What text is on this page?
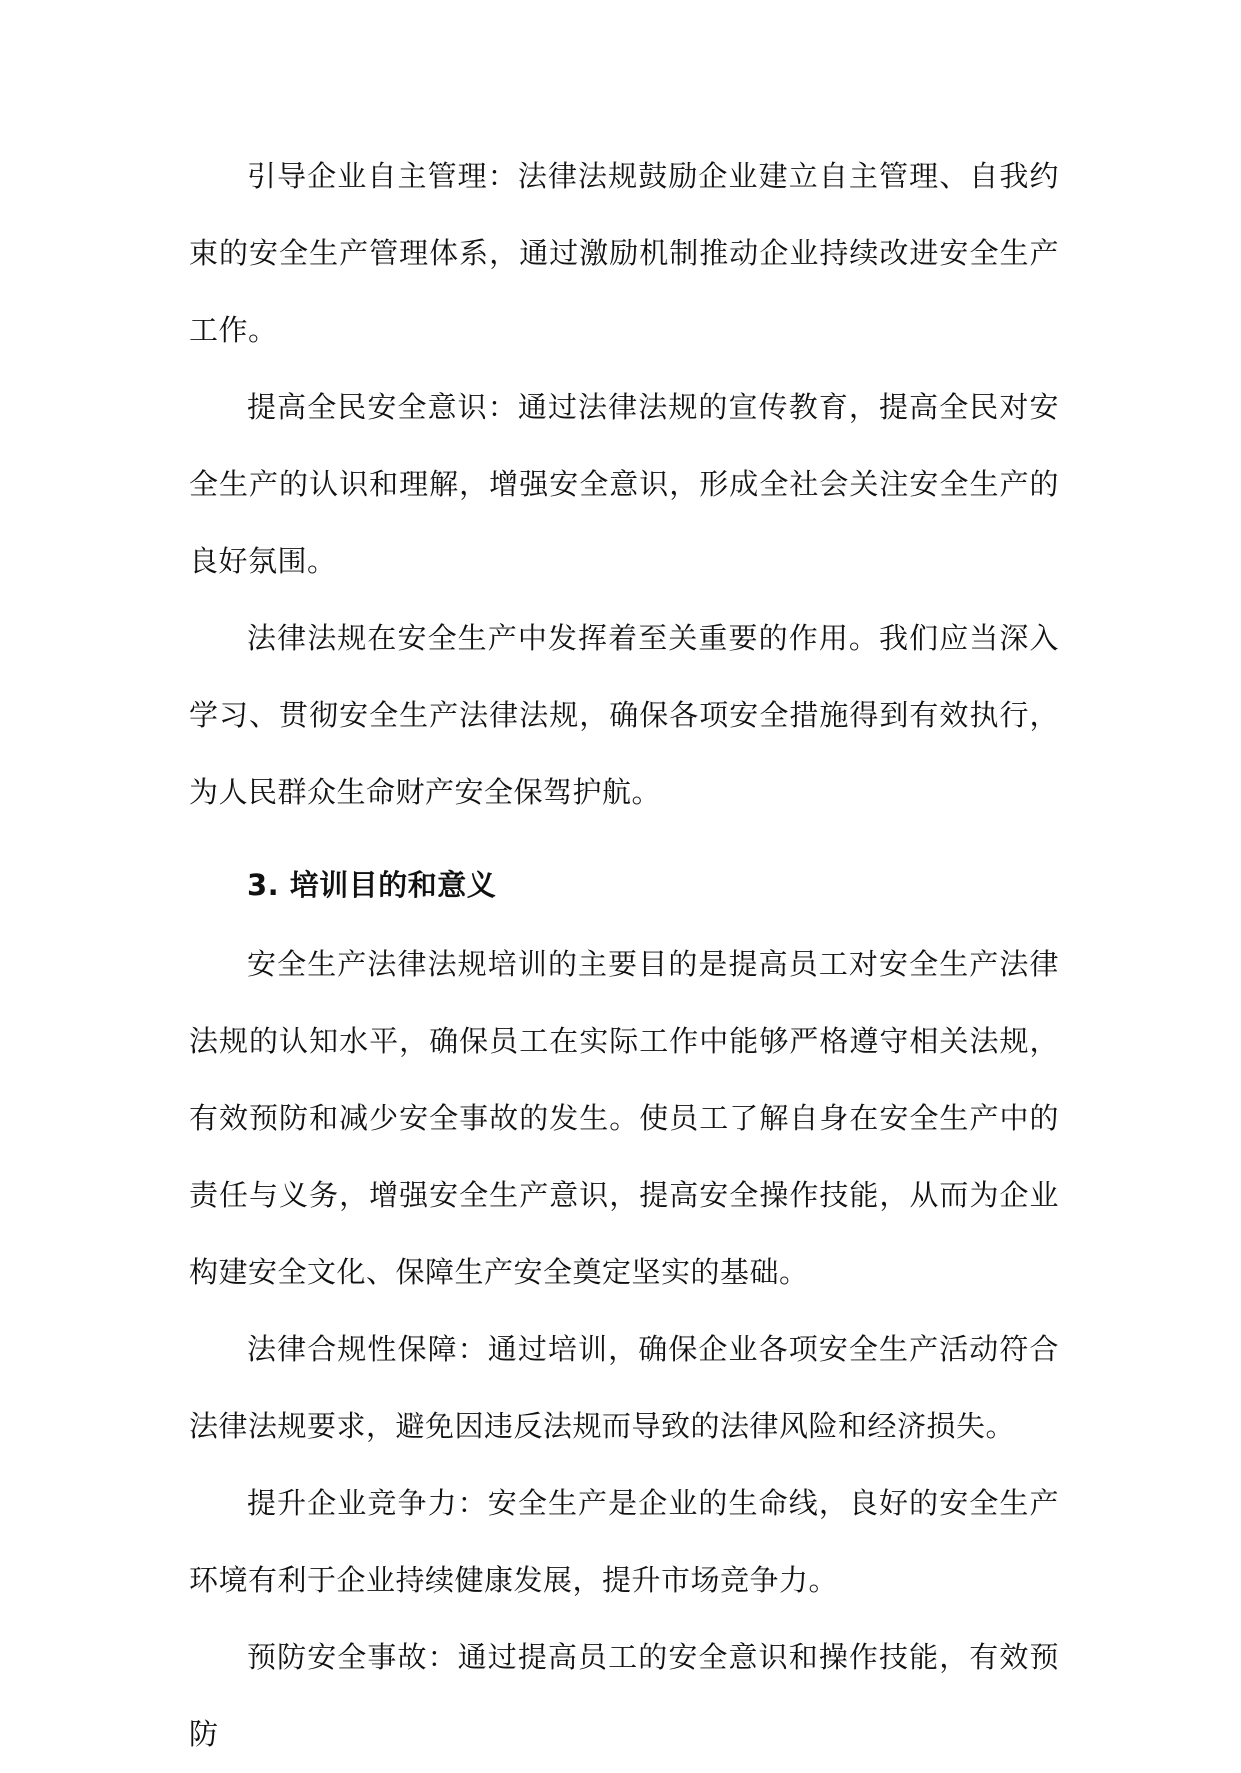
引导企业自主管理：法律法规鼓励企业建立自主管理、自我约束的安全生产管理体系，通过激励机制推动企业持续改进安全生产工作。

提高全民安全意识：通过法律法规的宣传教育，提高全民对安全生产的认识和理解，增强安全意识，形成全社会关注安全生产的良好氛围。

法律法规在安全生产中发挥着至关重要的作用。我们应当深入学习、贯彻安全生产法律法规，确保各项安全措施得到有效执行，为人民群众生命财产安全保驾护航。

3. 培训目的和意义

安全生产法律法规培训的主要目的是提高员工对安全生产法律法规的认知水平，确保员工在实际工作中能够严格遵守相关法规，有效预防和减少安全事故的发生。使员工了解自身在安全生产中的责任与义务，增强安全生产意识，提高安全操作技能，从而为企业构建安全文化、保障生产安全奠定坚实的基础。

法律合规性保障：通过培训，确保企业各项安全生产活动符合法律法规要求，避免因违反法规而导致的法律风险和经济损失。

提升企业竞争力：安全生产是企业的生命线，良好的安全生产环境有利于企业持续健康发展，提升市场竞争力。

预防安全事故：通过提高员工的安全意识和操作技能，有效预防
